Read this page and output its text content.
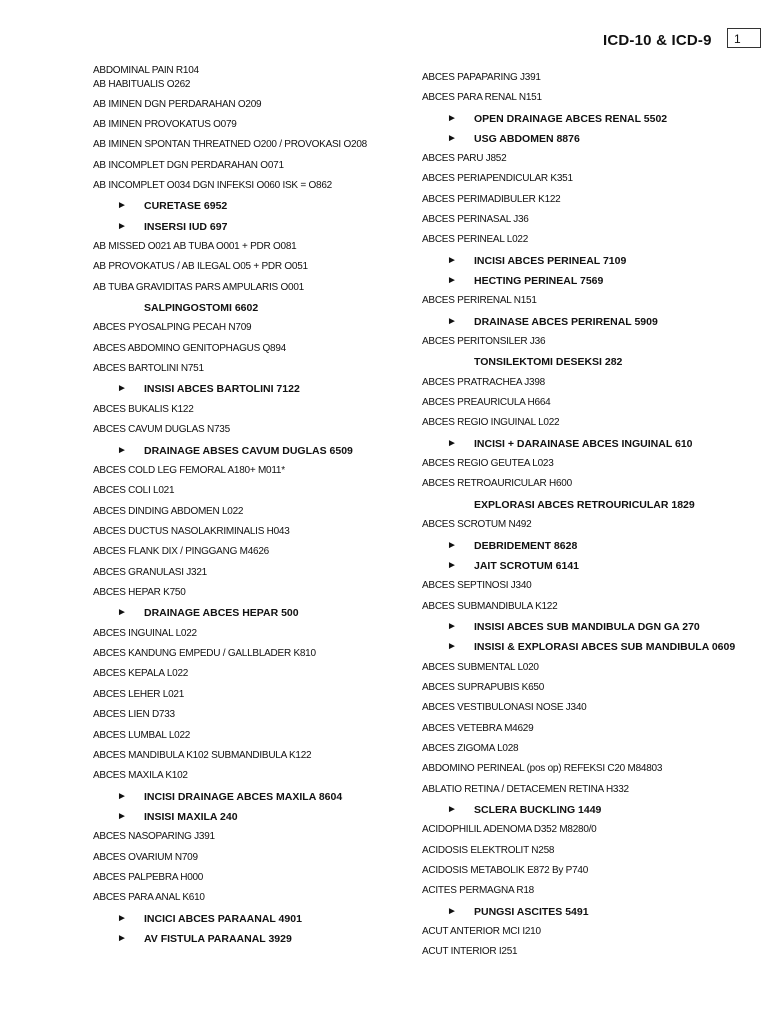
ICD-10 & ICD-9	1
ABDOMINAL PAIN R104
AB HABITUALIS O262
AB IMINEN DGN PERDARAHAN O209
AB IMINEN PROVOKATUS O079
AB IMINEN SPONTAN THREATNED O200 / PROVOKASI O208
AB INCOMPLET DGN PERDARAHAN O071
AB INCOMPLET O034 DGN INFEKSI O060 ISK = O862
► CURETASE 6952
► INSERSI IUD 697
AB MISSED O021 AB TUBA O001 + PDR O081
AB PROVOKATUS / AB ILEGAL O05 + PDR O051
AB TUBA GRAVIDITAS PARS AMPULARIS O001
SALPINGOSTOMI 6602
ABCES PYOSALPING PECAH N709
ABCES ABDOMINO GENITOPHAGUS Q894
ABCES BARTOLINI N751
► INSISI ABCES BARTOLINI 7122
ABCES BUKALIS K122
ABCES CAVUM DUGLAS N735
► DRAINAGE ABSES CAVUM DUGLAS 6509
ABCES COLD LEG FEMORAL A180+ M011*
ABCES COLI L021
ABCES DINDING ABDOMEN L022
ABCES DUCTUS NASOLAKRIMINALIS H043
ABCES FLANK DIX / PINGGANG M4626
ABCES GRANULASI J321
ABCES HEPAR K750
► DRAINAGE ABCES HEPAR 500
ABCES INGUINAL L022
ABCES KANDUNG EMPEDU / GALLBLADER K810
ABCES KEPALA L022
ABCES LEHER L021
ABCES LIEN D733
ABCES LUMBAL L022
ABCES MANDIBULA K102 SUBMANDIBULA K122
ABCES MAXILA K102
► INCISI DRAINAGE ABCES MAXILA 8604
► INSISI MAXILA 240
ABCES NASOPARING J391
ABCES OVARIUM N709
ABCES PALPEBRA H000
ABCES PARA ANAL K610
► INCICI ABCES PARAANAL 4901
► AV FISTULA PARAANAL 3929
ABCES PAPAPARING J391
ABCES PARA RENAL N151
► OPEN DRAINAGE ABCES RENAL 5502
► USG ABDOMEN 8876
ABCES PARU J852
ABCES PERIAPENDICULAR K351
ABCES PERIMADIBULER K122
ABCES PERINASAL J36
ABCES PERINEAL L022
► INCISI ABCES PERINEAL 7109
► HECTING PERINEAL 7569
ABCES PERIRENAL N151
► DRAINASE ABCES PERIRENAL 5909
ABCES PERITONSILER J36
TONSILEKTOMI DESEKSI 282
ABCES PRATRACHEA J398
ABCES PREAURICULA H664
ABCES REGIO INGUINAL L022
► INCISI + DARAINASE ABCES INGUINAL 610
ABCES REGIO GEUTEA L023
ABCES RETROAURICULAR H600
EXPLORASI ABCES RETROURICULAR 1829
ABCES SCROTUM N492
► DEBRIDEMENT 8628
► JAIT SCROTUM 6141
ABCES SEPTINOSI J340
ABCES SUBMANDIBULA K122
► INSISI ABCES SUB MANDIBULA DGN GA 270
► INSISI & EXPLORASI ABCES SUB MANDIBULA 0609
ABCES SUBMENTAL L020
ABCES SUPRAPUBIS K650
ABCES VESTIBULONASI NOSE J340
ABCES VETEBRA M4629
ABCES ZIGOMA L028
ABDOMINO PERINEAL (pos op) REFEKSI C20 M84803
ABLATIO RETINA / DETACEMEN RETINA H332
► SCLERA BUCKLING 1449
ACIDOPHILIL ADENOMA D352 M8280/0
ACIDOSIS ELEKTROLIT N258
ACIDOSIS METABOLIK E872 By P740
ACITES PERMAGNA R18
► PUNGSI ASCITES 5491
ACUT ANTERIOR MCI I210
ACUT INTERIOR I251
